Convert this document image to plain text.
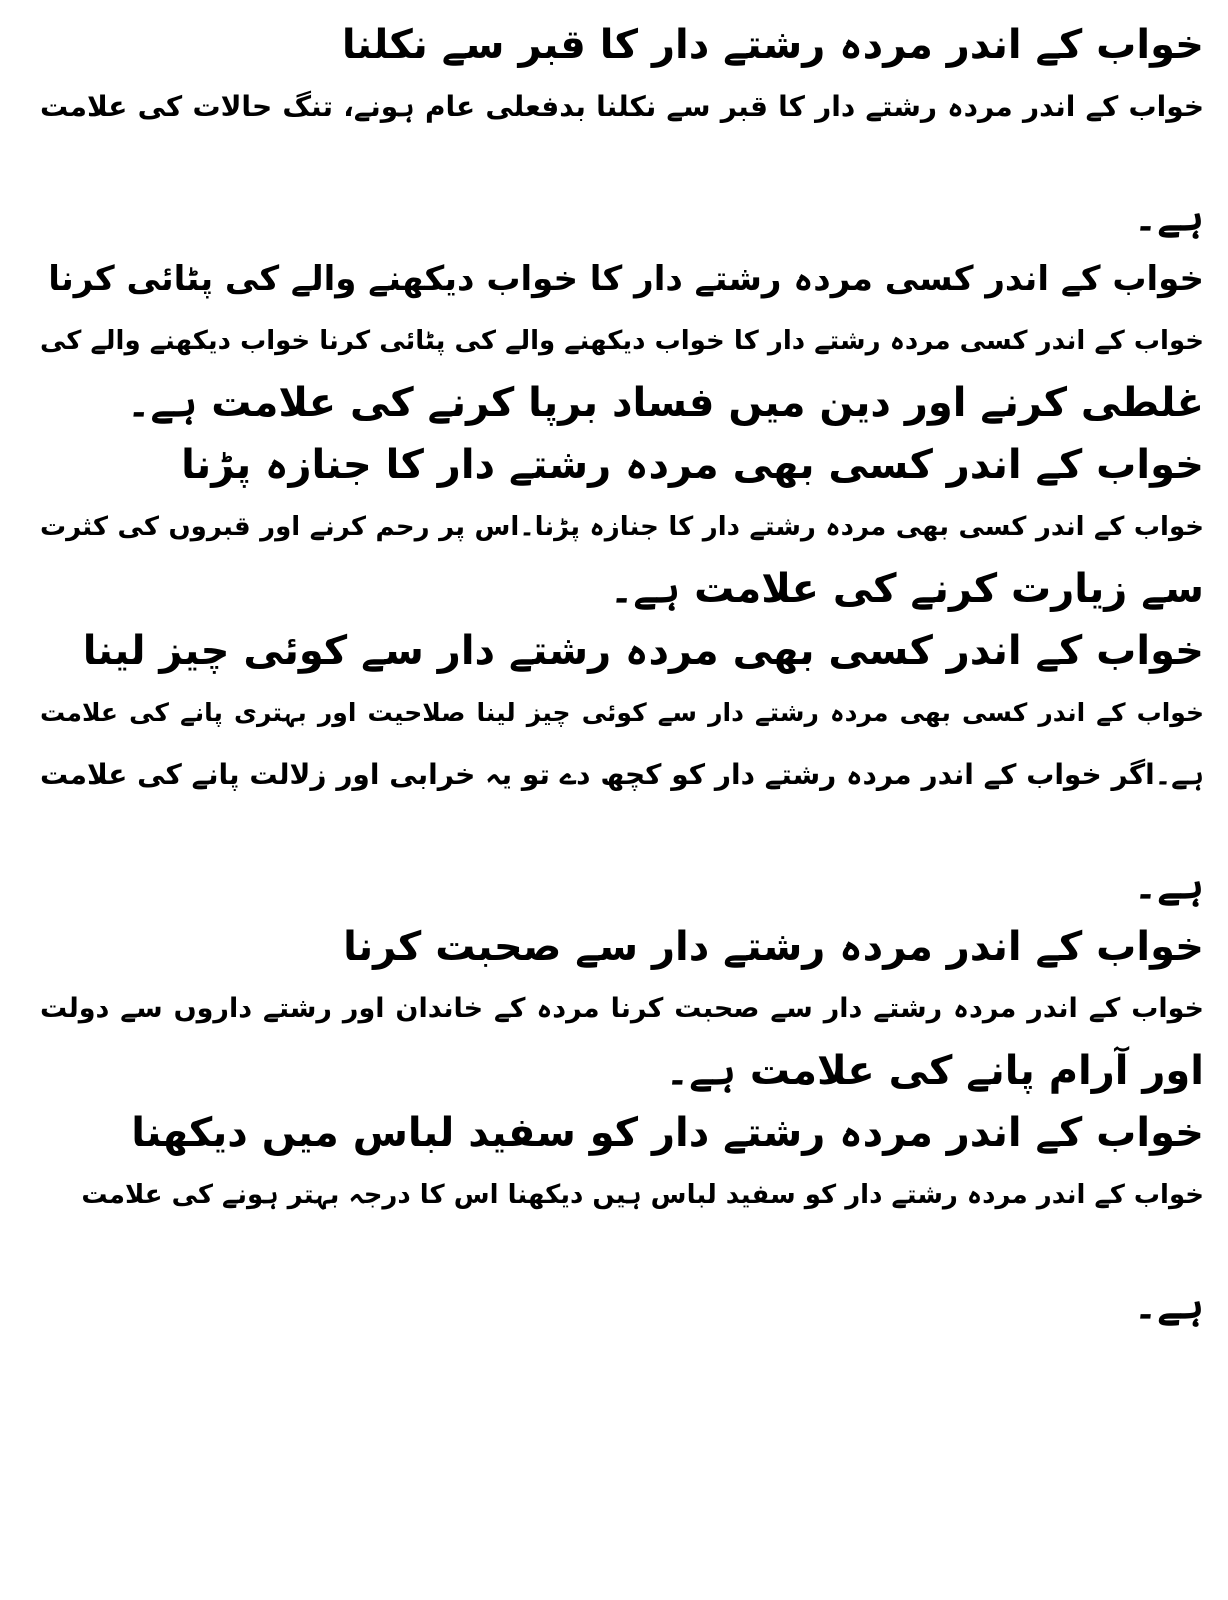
خواب کے اندر مردہ رشتے دار کا قبر سے نکلنا
خواب کے اندر مردہ رشتے دار کا قبر سے نکلنا بدفعلی عام ہونے، تنگ حالات کی علامت
ہے۔
خواب کے اندر کسی مردہ رشتے دار کا خواب دیکھنے والے کی پٹائی کرنا
خواب کے اندر کسی مردہ رشتے دار کا خواب دیکھنے والے کی پٹائی کرنا خواب دیکھنے والے کی
غلطی کرنے اور دین میں فساد برپا کرنے کی علامت ہے۔
خواب کے اندر کسی بھی مردہ رشتے دار کا جنازہ پڑنا
خواب کے اندر کسی بھی مردہ رشتے دار کا جنازہ پڑنا۔اس پر رحم کرنے اور قبروں کی کثرت
سے زیارت کرنے کی علامت ہے۔
خواب کے اندر کسی بھی مردہ رشتے دار سے کوئی چیز لینا
خواب کے اندر کسی بھی مردہ رشتے دار سے کوئی چیز لینا صلاحیت اور بہتری پانے کی علامت
ہے۔اگر خواب کے اندر مردہ رشتے دار کو کچھ دے تو یہ خرابی اور زلالت پانے کی علامت
ہے۔
خواب کے اندر مردہ رشتے دار سے صحبت کرنا
خواب کے اندر مردہ رشتے دار سے صحبت کرنا مردہ کے خاندان اور رشتے داروں سے دولت
اور آرام پانے کی علامت ہے۔
خواب کے اندر مردہ رشتے دار کو سفید لباس میں دیکھنا
خواب کے اندر مردہ رشتے دار کو سفید لباس ہیں دیکھنا اس کا درجہ بہتر ہونے کی علامت
ہے۔
